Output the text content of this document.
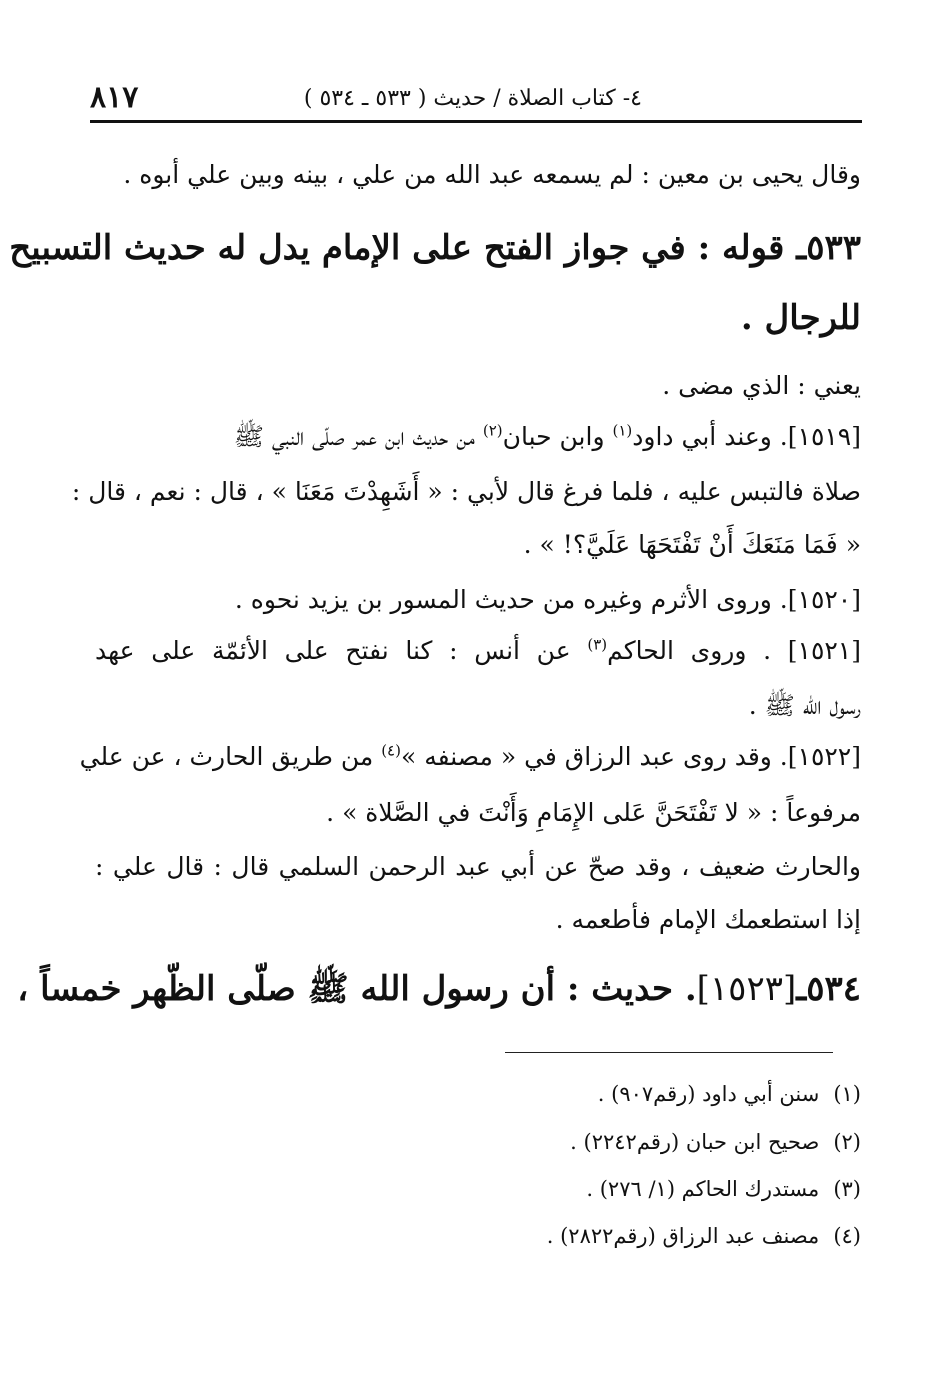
٤- كتاب الصلاة / حديث ( ٥٣٣ ـ ٥٣٤ )
٨١٧
وقال يحيى بن معين : لم يسمعه عبد الله من علي ، بينه وبين علي أبوه .
٥٣٣ـ قوله : في جواز الفتح على الإمام يدل له حديث التسبيح
للرجال .
يعني : الذي مضى .
[١٥١٩]. وعند أبي داود$^{(١)}$ وابن حبان$^{(٢)}$ من حديث ابن عمر صلّى النبي ﷺ
صلاة فالتبس عليه ، فلما فرغ قال لأبي : « أَشَهِدْتَ مَعَنَا » ، قال : نعم ، قال :
« فَمَا مَنَعَكَ أَنْ تَفْتَحَهَا عَلَيَّ؟! » .
[١٥٢٠]. وروى الأثرم وغيره من حديث المسور بن يزيد نحوه .
[١٥٢١] . وروى الحاكم$^{(٣)}$ عن أنس : كنا نفتح على الأئمّة على عهد
رسول الله ﷺ .
[١٥٢٢]. وقد روى عبد الرزاق في « مصنفه »$^{(٤)}$ من طريق الحارث ، عن علي
مرفوعاً : « لا تَفْتَحَنَّ عَلى الإِمَامِ وَأَنْتَ في الصَّلاة » .
والحارث ضعيف ، وقد صحّ عن أبي عبد الرحمن السلمي قال : قال علي :
إذا استطعمك الإمام فأطعمه .
٥٣٤ـ[١٥٢٣]. حديث : أن رسول الله ﷺ صلّى الظّهر خمساً ،
(١)سنن أبي داود (رقم٩٠٧) .
(٢)صحيح ابن حبان (رقم٢٢٤٢) .
(٣)مستدرك الحاكم (١/ ٢٧٦) .
(٤)مصنف عبد الرزاق (رقم٢٨٢٢) .
